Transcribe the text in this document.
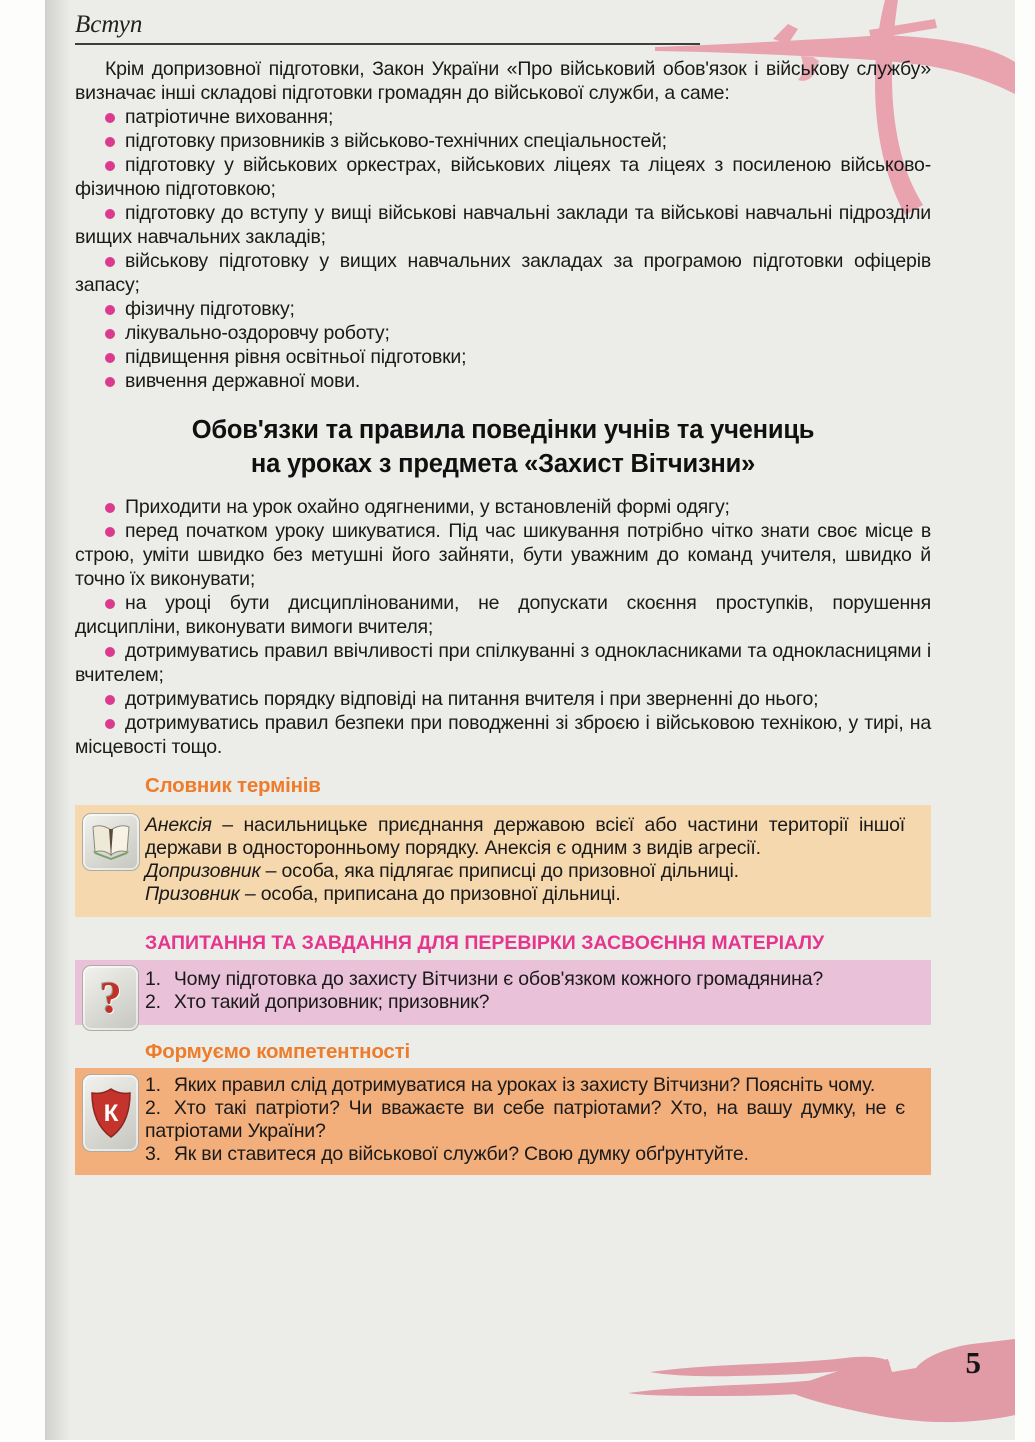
Вступ

Крім допризовної підготовки, Закон України «Про військовий обов'язок і військову службу» визначає інші складові підготовки громадян до військової служби, а саме:

патріотичне виховання;

підготовку призовників з військово-технічних спеціальностей;

підготовку у військових оркестрах, військових ліцеях та ліцеях з посиленою військово-фізичною підготовкою;

підготовку до вступу у вищі військові навчальні заклади та військові навчальні підрозділи вищих навчальних закладів;

військову підготовку у вищих навчальних закладах за програмою підготовки офіцерів запасу;

фізичну підготовку;

лікувально-оздоровчу роботу;

підвищення рівня освітньої підготовки;

вивчення державної мови.

Обов'язки та правила поведінки учнів та учениць
на уроках з предмета «Захист Вітчизни»

Приходити на урок охайно одягненими, у встановленій формі одягу;

перед початком уроку шикуватися. Під час шикування потрібно чітко знати своє місце в строю, уміти швидко без метушні його зайняти, бути уважним до команд учителя, швидко й точно їх виконувати;

на уроці бути дисциплінованими, не допускати скоєння проступків, порушення дисципліни, виконувати вимоги вчителя;

дотримуватись правил ввічливості при спілкуванні з однокласниками та однокласницями і вчителем;

дотримуватись порядку відповіді на питання вчителя і при зверненні до нього;

дотримуватись правил безпеки при поводженні зі зброєю і військовою технікою, у тирі, на місцевості тощо.

Словник термінів

Анексія – насильницьке приєднання державою всієї або частини території іншої держави в односторонньому порядку. Анексія є одним з видів агресії.

Допризовник – особа, яка підлягає приписці до призовної дільниці.

Призовник – особа, приписана до призовної дільниці.

ЗАПИТАННЯ ТА ЗАВДАННЯ ДЛЯ ПЕРЕВІРКИ ЗАСВОЄННЯ МАТЕРІАЛУ
?	Чому підготовка до захисту Вітчизни є обов'язком кожного громадянина?

Хто такий допризовник; призовник?

Формуємо компетентності
К

Яких правил слід дотримуватися на уроках із захисту Вітчизни? Поясніть чому.

Хто такі патріоти? Чи вважаєте ви себе патріотами? Хто, на вашу думку, не є патріотами України?

Як ви ставитеся до військової служби? Свою думку обґрунтуйте.

5
